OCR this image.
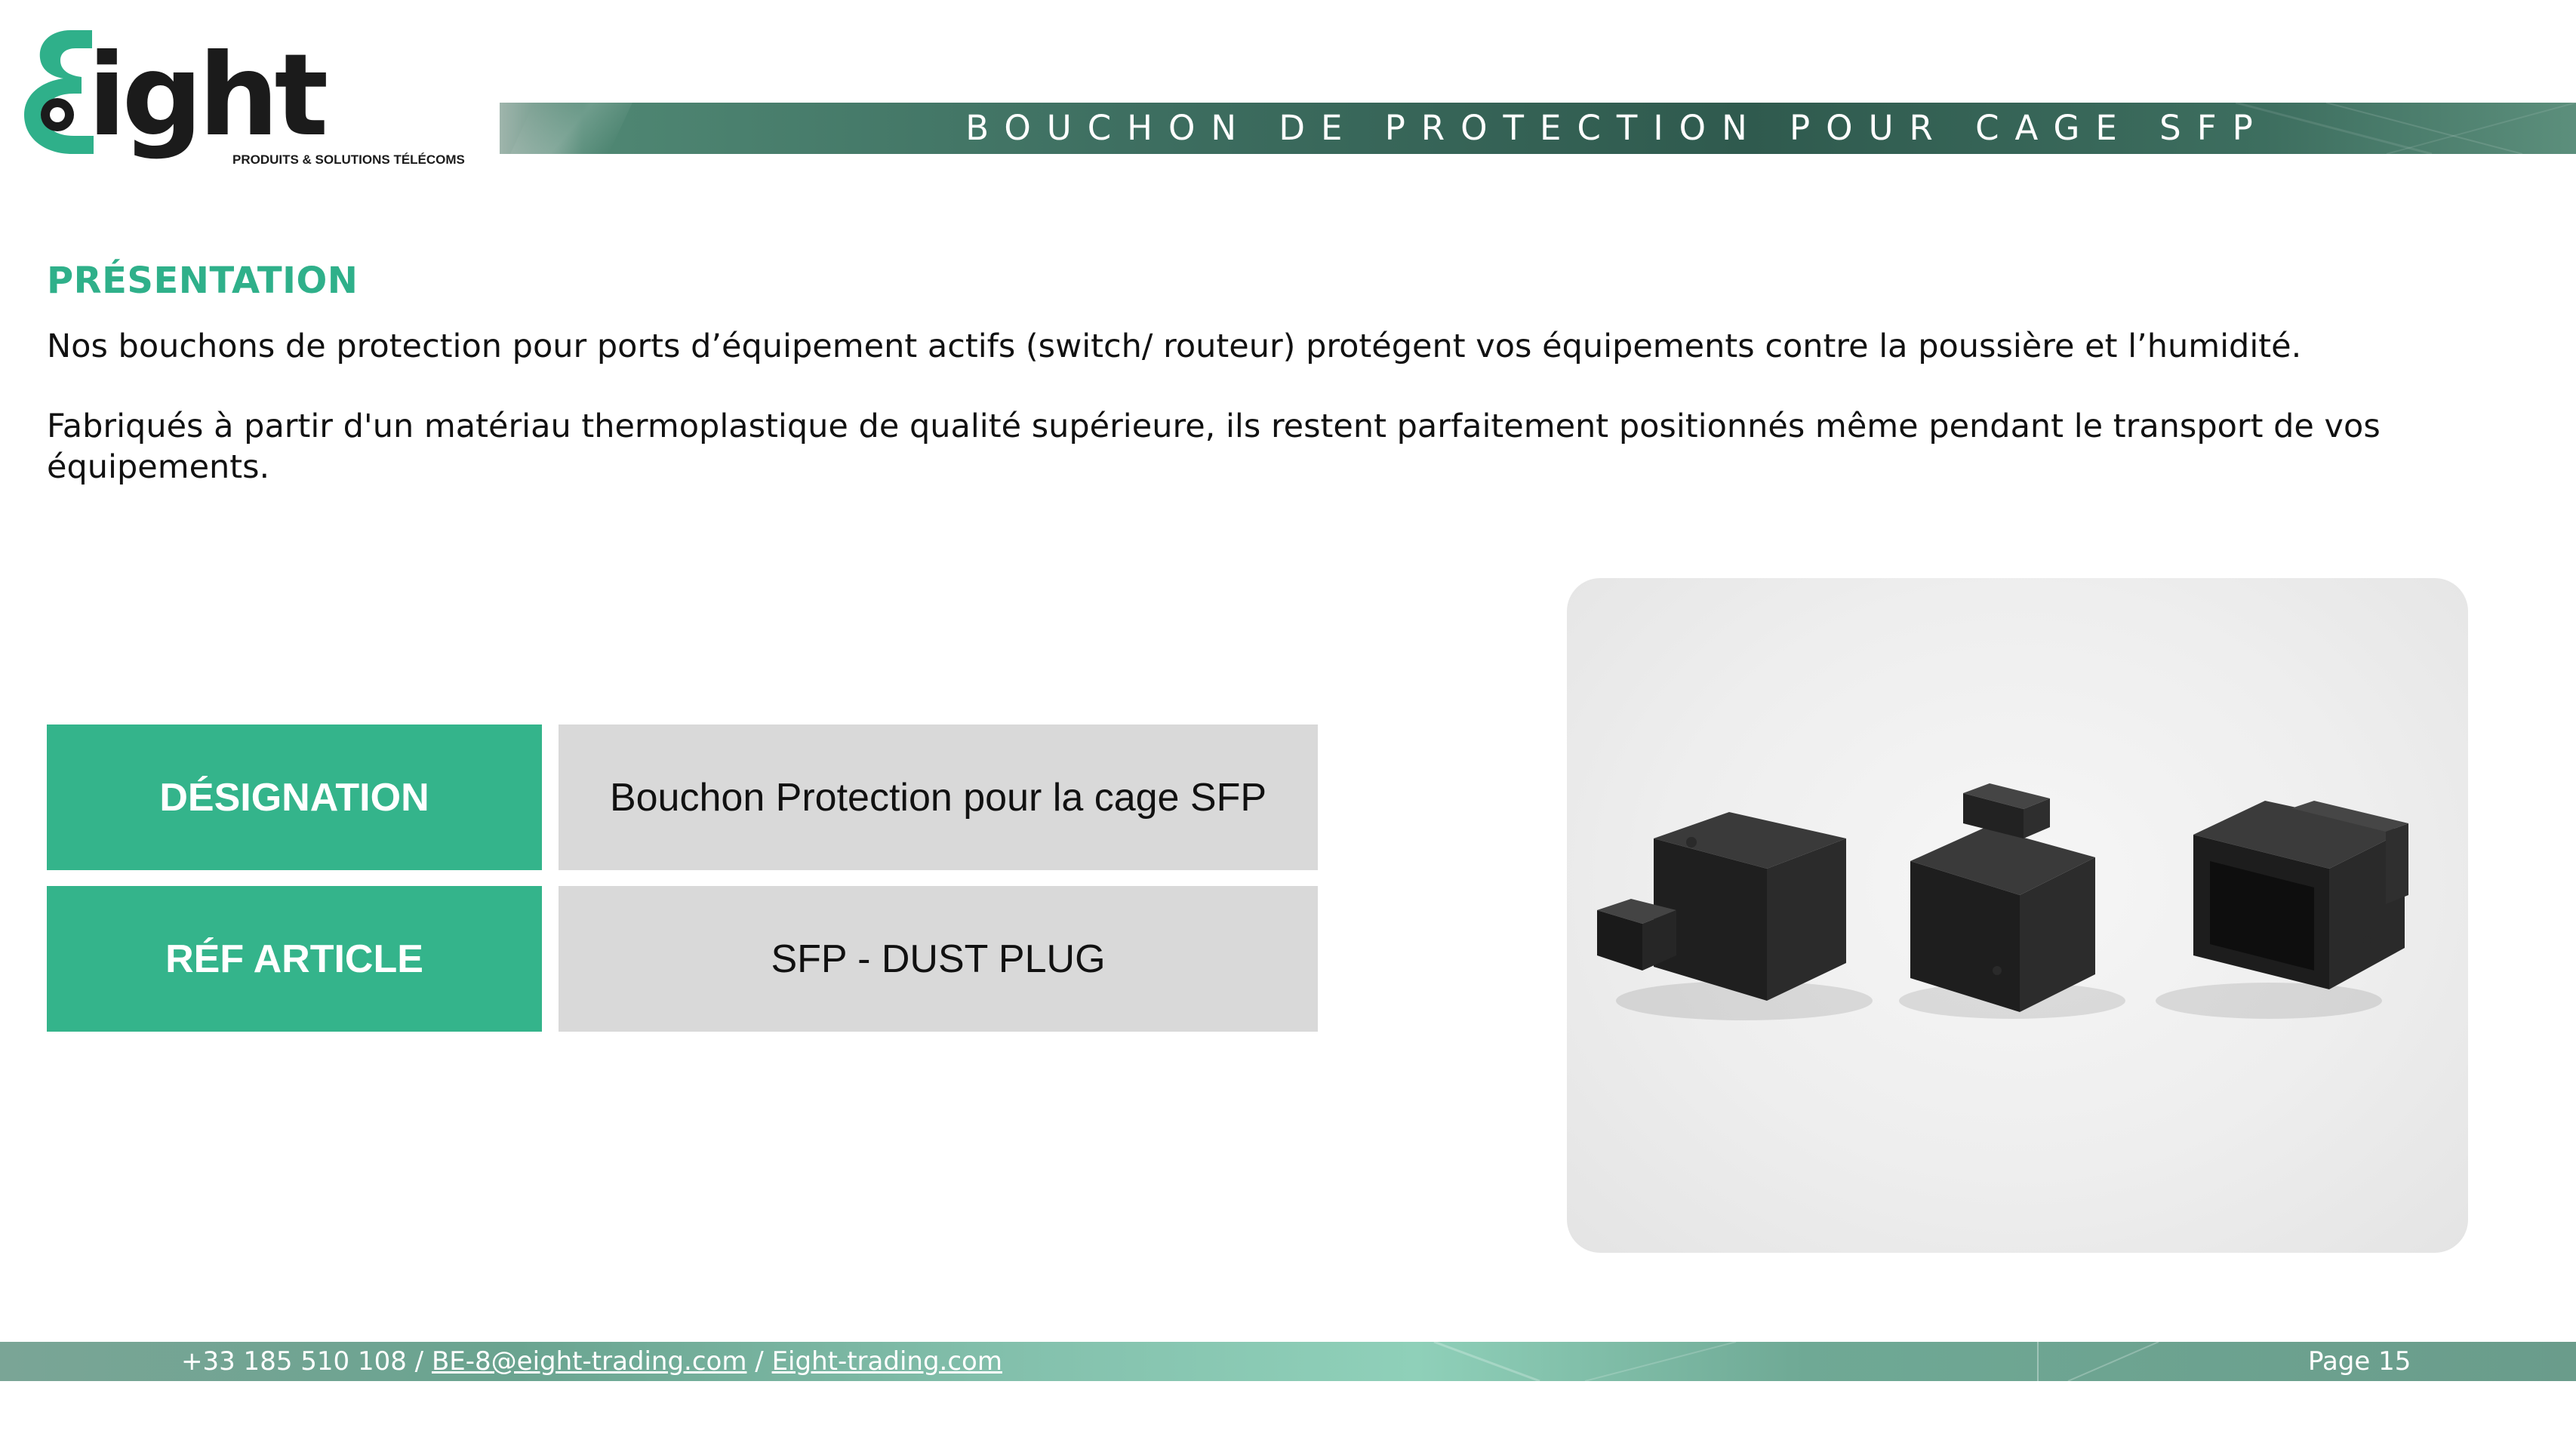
ight
PRODUITS & SOLUTIONS TÉLÉCOMS
BOUCHON DE PROTECTION POUR CAGE SFP
PRÉSENTATION

Nos bouchons de protection pour ports d’équipement actifs (switch/ routeur) protégent vos équipements contre la poussière et l’humidité.

Fabriqués à partir d'un matériau thermoplastique de qualité supérieure, ils restent parfaitement positionnés même pendant le transport de vos équipements.

DÉSIGNATION	Bouchon Protection pour la cage SFP
RÉF ARTICLE	SFP - DUST PLUG
+33 185 510 108 / BE-8@eight-trading.com / Eight-trading.com	Page 15
